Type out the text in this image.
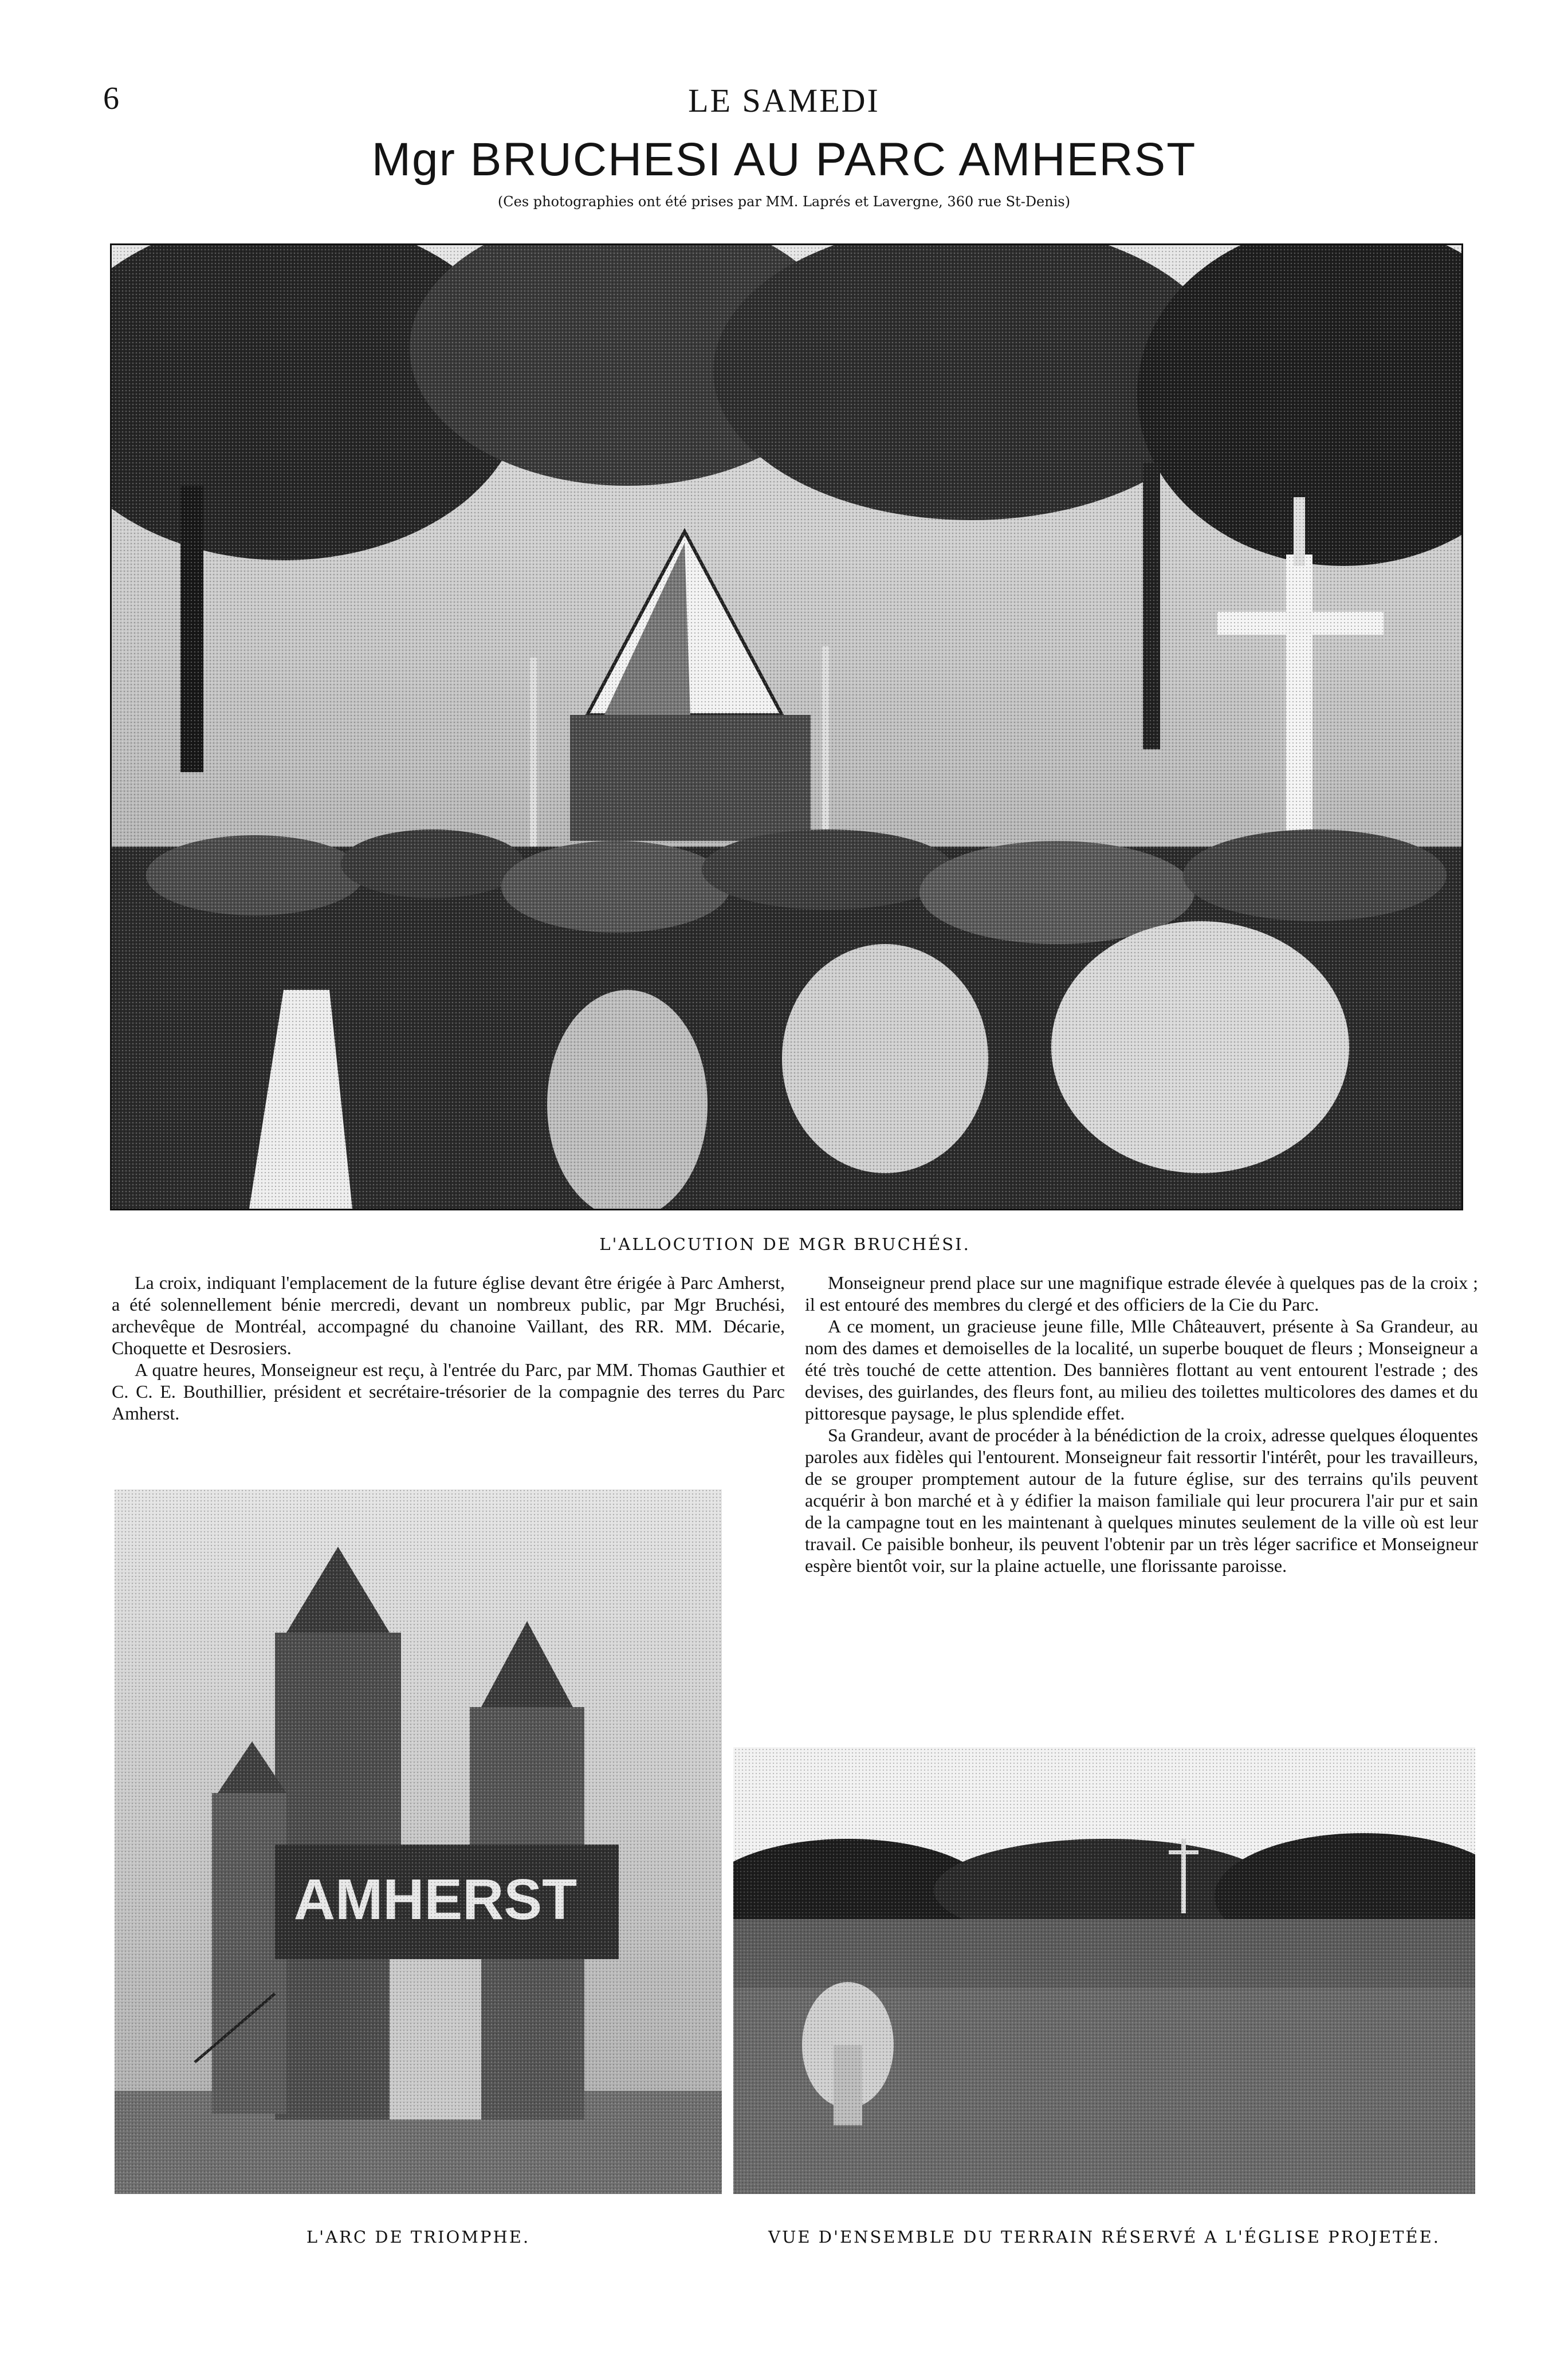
6	LE SAMEDI
Mgr BRUCHESI AU PARC AMHERST
(Ces photographies ont été prises par MM. Laprés et Lavergne, 360 rue St-Denis)
L'ALLOCUTION DE MGR BRUCHÉSI.

La croix, indiquant l'emplacement de la future église devant être érigée à Parc Amherst, a été solennellement bénie mercredi, devant un nombreux public, par Mgr Bruchési, archevêque de Montréal, accompagné du chanoine Vaillant, des RR. MM. Décarie, Choquette et Desrosiers.

A quatre heures, Monseigneur est reçu, à l'entrée du Parc, par MM. Thomas Gauthier et C. C. E. Bouthillier, président et secrétaire-trésorier de la compagnie des terres du Parc Amherst.

Monseigneur prend place sur une magnifique estrade élevée à quelques pas de la croix ; il est entouré des membres du clergé et des officiers de la Cie du Parc.

A ce moment, un gracieuse jeune fille, Mlle Châteauvert, présente à Sa Grandeur, au nom des dames et demoiselles de la localité, un superbe bouquet de fleurs ; Monseigneur a été très touché de cette attention. Des bannières flottant au vent entourent l'estrade ; des devises, des guirlandes, des fleurs font, au milieu des toilettes multicolores des dames et du pittoresque paysage, le plus splendide effet.

Sa Grandeur, avant de procéder à la bénédiction de la croix, adresse quelques éloquentes paroles aux fidèles qui l'entourent. Monseigneur fait ressortir l'intérêt, pour les travailleurs, de se grouper promptement autour de la future église, sur des terrains qu'ils peuvent acquérir à bon marché et à y édifier la maison familiale qui leur procurera l'air pur et sain de la campagne tout en les maintenant à quelques minutes seulement de la ville où est leur travail. Ce paisible bonheur, ils peuvent l'obtenir par un très léger sacrifice et Monseigneur espère bientôt voir, sur la plaine actuelle, une florissante paroisse.

L'ARC DE TRIOMPHE.	VUE D'ENSEMBLE DU TERRAIN RÉSERVÉ A L'ÉGLISE PROJETÉE.
